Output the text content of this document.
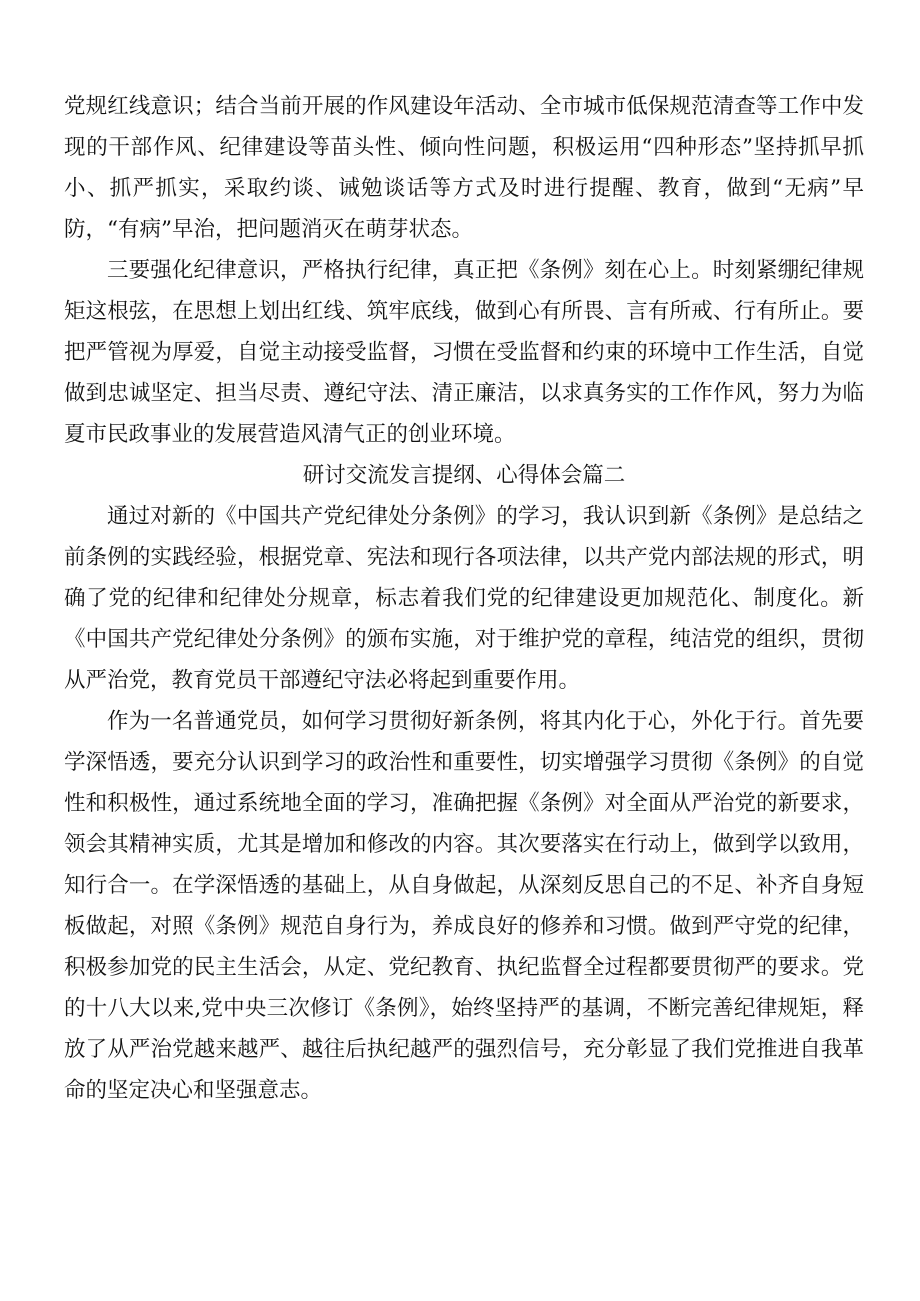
党规红线意识；结合当前开展的作风建设年活动、全市城市低保规范清查等工作中发现的干部作风、纪律建设等苗头性、倾向性问题，积极运用“四种形态”坚持抓早抓小、抓严抓实，采取约谈、诫勉谈话等方式及时进行提醒、教育，做到“无病”早防，“有病”早治，把问题消灭在萌芽状态。

三要强化纪律意识，严格执行纪律，真正把《条例》刻在心上。时刻紧绷纪律规矩这根弦，在思想上划出红线、筑牢底线，做到心有所畏、言有所戒、行有所止。要把严管视为厚爱，自觉主动接受监督，习惯在受监督和约束的环境中工作生活，自觉做到忠诚坚定、担当尽责、遵纪守法、清正廉洁，以求真务实的工作作风，努力为临夏市民政事业的发展营造风清气正的创业环境。

研讨交流发言提纲、心得体会篇二

通过对新的《中国共产党纪律处分条例》的学习，我认识到新《条例》是总结之前条例的实践经验，根据党章、宪法和现行各项法律，以共产党内部法规的形式，明确了党的纪律和纪律处分规章，标志着我们党的纪律建设更加规范化、制度化。新《中国共产党纪律处分条例》的颁布实施，对于维护党的章程，纯洁党的组织，贯彻从严治党，教育党员干部遵纪守法必将起到重要作用。

作为一名普通党员，如何学习贯彻好新条例，将其内化于心，外化于行。首先要学深悟透，要充分认识到学习的政治性和重要性，切实增强学习贯彻《条例》的自觉性和积极性，通过系统地全面的学习，准确把握《条例》对全面从严治党的新要求，领会其精神实质，尤其是增加和修改的内容。其次要落实在行动上，做到学以致用，知行合一。在学深悟透的基础上，从自身做起，从深刻反思自己的不足、补齐自身短板做起，对照《条例》规范自身行为，养成良好的修养和习惯。做到严守党的纪律，积极参加党的民主生活会，从定、党纪教育、执纪监督全过程都要贯彻严的要求。党的十八大以来,党中央三次修订《条例》，始终坚持严的基调，不断完善纪律规矩，释放了从严治党越来越严、越往后执纪越严的强烈信号，充分彰显了我们党推进自我革命的坚定决心和坚强意志。
